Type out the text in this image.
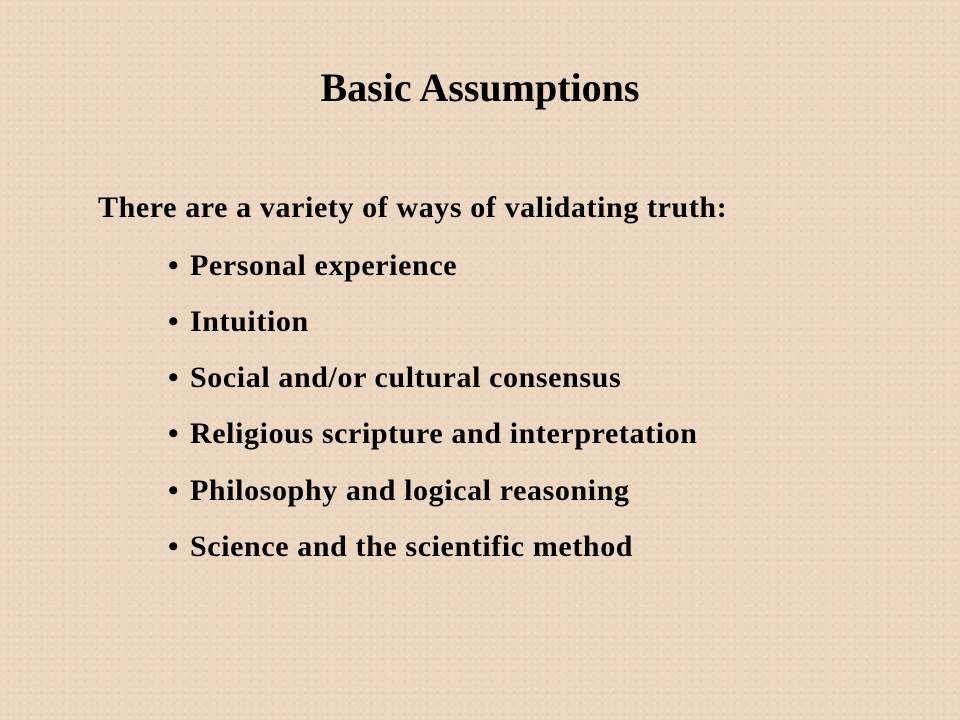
Basic Assumptions
There are a variety of ways of validating truth:
• Personal experience
• Intuition
• Social and/or cultural consensus
• Religious scripture and interpretation
• Philosophy and logical reasoning
• Science and the scientific method
